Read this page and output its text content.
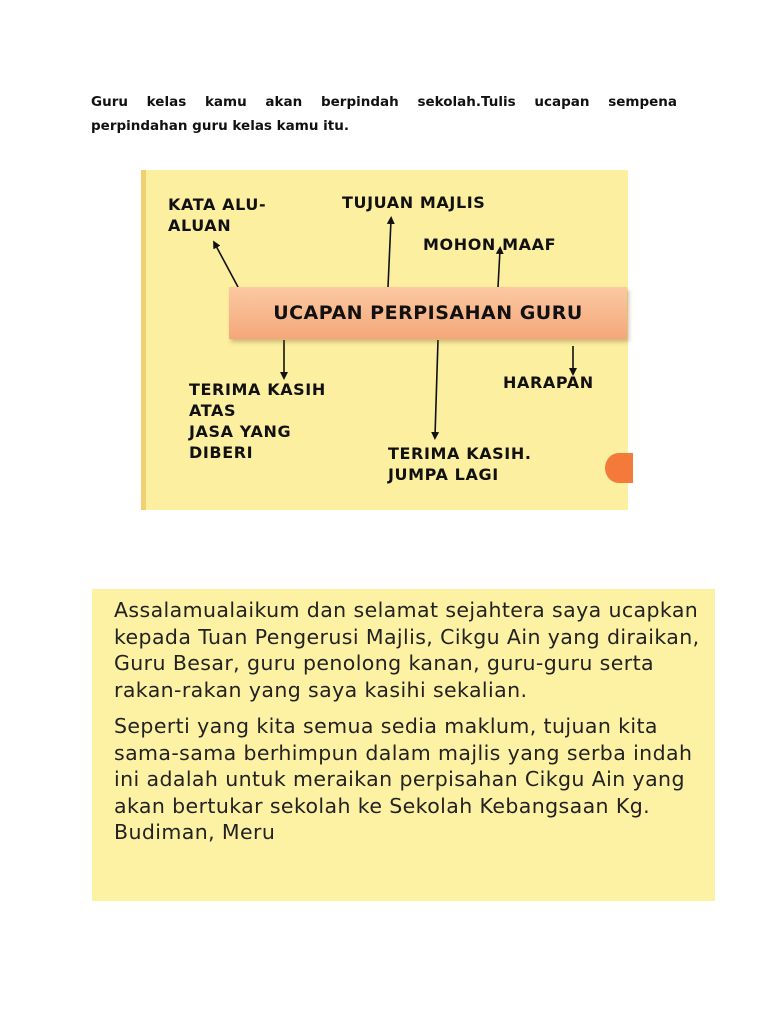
Guru kelas kamu akan berpindah sekolah.Tulis ucapan sempena perpindahan guru kelas kamu itu.

KATA ALU-
ALUAN

TUJUAN MAJLIS

MOHON MAAF

UCAPAN PERPISAHAN GURU

TERIMA KASIH
ATAS
JASA YANG
DIBERI

HARAPAN

TERIMA KASIH.
JUMPA LAGI

Assalamualaikum dan selamat sejahtera saya ucapkan kepada Tuan Pengerusi Majlis, Cikgu Ain yang diraikan, Guru Besar, guru penolong kanan, guru-guru serta rakan-rakan yang saya kasihi sekalian.

Seperti yang kita semua sedia maklum, tujuan kita sama-sama berhimpun dalam majlis yang serba indah ini adalah untuk meraikan perpisahan Cikgu Ain yang akan bertukar sekolah ke Sekolah Kebangsaan Kg. Budiman, Meru
